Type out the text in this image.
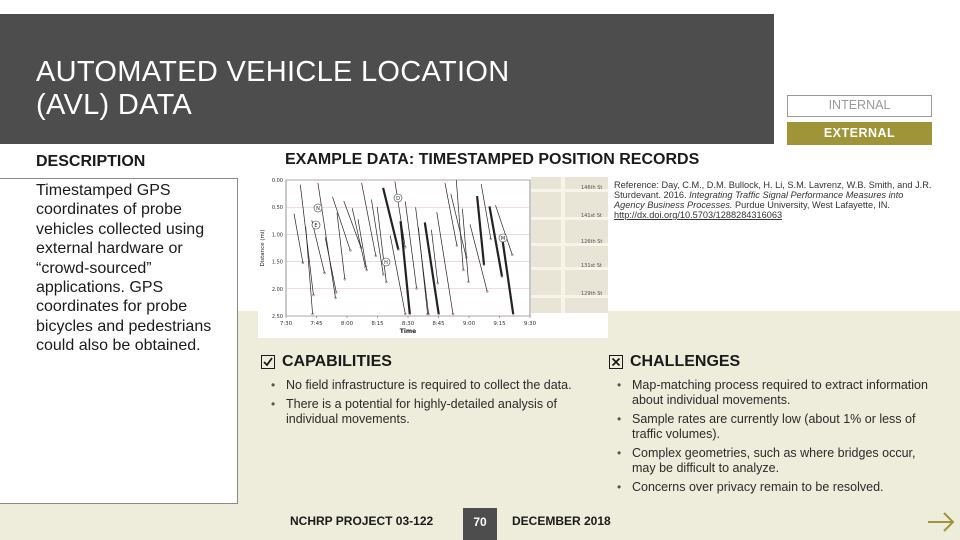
AUTOMATED VEHICLE LOCATION
(AVL) DATA	INTERNAL
EXTERNAL
DESCRIPTION
Timestamped GPS coordinates of probe vehicles collected using external hardware or “crowd-sourced” applications. GPS coordinates for probe bicycles and pedestrians could also be obtained.
EXAMPLE DATA: TIMESTAMPED POSITION RECORDS
0.00
0.50
1.00
1.50
2.00
2.50
7:30	7:45	8:00	8:15	8:30	8:45	9:00	9:15	9:30
Time
Distance (mi)
N
D
E
M
H
146th St
141st St
126th St
131st St
129th St
Reference: Day, C.M., D.M. Bullock, H. Li, S.M. Lavrenz, W.B. Smith, and J.R. Sturdevant. 2016. Integrating Traffic Signal Performance Measures into Agency Business Processes. Purdue University, West Lafayette, IN. http://dx.doi.org/10.5703/1288284316063
CAPABILITIES
• No field infrastructure is required to collect the data.
• There is a potential for highly-detailed analysis of individual movements.
CHALLENGES
• Map-matching process required to extract information about individual movements.
• Sample rates are currently low (about 1% or less of traffic volumes).
• Complex geometries, such as where bridges occur, may be difficult to analyze.
• Concerns over privacy remain to be resolved.
NCHRP PROJECT 03-122	70	DECEMBER 2018
